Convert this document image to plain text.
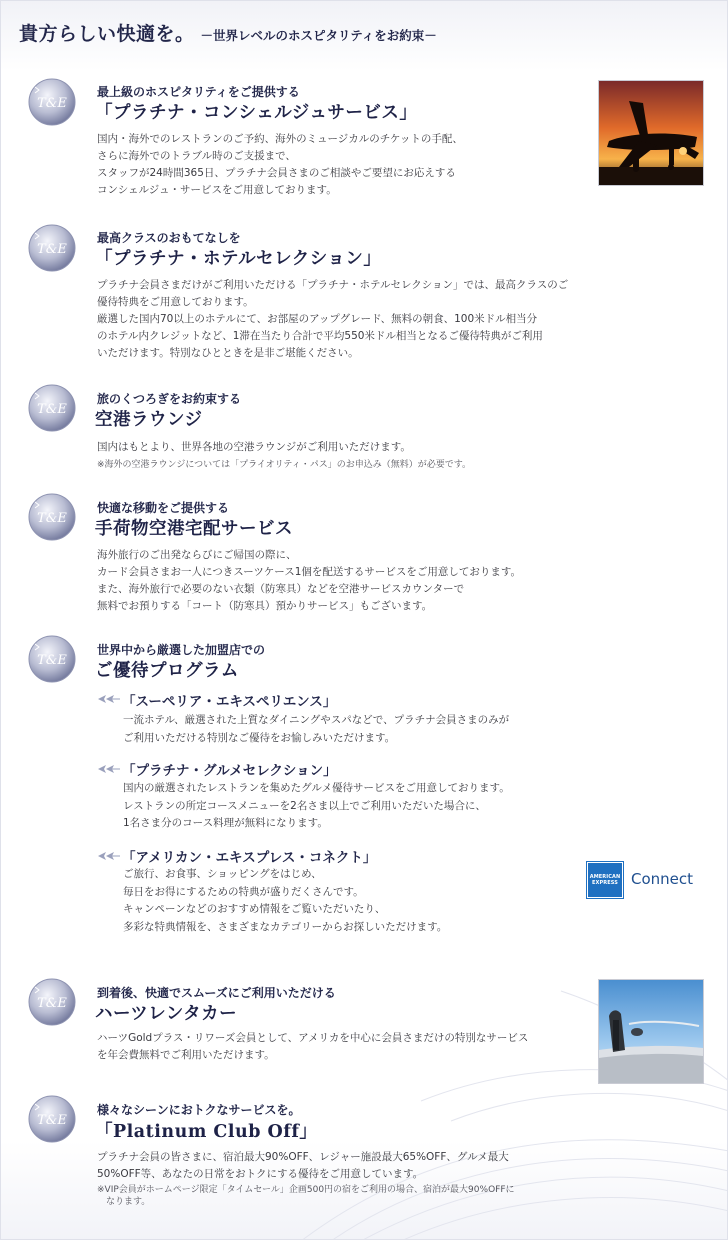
貴方らしい快適を。 －世界レベルのホスピタリティをお約束－
T&E
最上級のホスピタリティをご提供する
「プラチナ・コンシェルジュサービス」

国内・海外でのレストランのご予約、海外のミュージカルのチケットの手配、

さらに海外でのトラブル時のご支援まで、

スタッフが24時間365日、プラチナ会員さまのご相談やご要望にお応えする

コンシェルジュ・サービスをご用意しております。

T&E
最高クラスのおもてなしを
「プラチナ・ホテルセレクション」

プラチナ会員さまだけがご利用いただける「プラチナ・ホテルセレクション」では、最高クラスのご

優待特典をご用意しております。

厳選した国内70以上のホテルにて、お部屋のアップグレード、無料の朝食、100米ドル相当分

のホテル内クレジットなど、1滞在当たり合計で平均550米ドル相当となるご優待特典がご利用

いただけます。特別なひとときを是非ご堪能ください。

T&E
旅のくつろぎをお約束する
空港ラウンジ

国内はもとより、世界各地の空港ラウンジがご利用いただけます。

※海外の空港ラウンジについては「プライオリティ・パス」のお申込み（無料）が必要です。

T&E
快適な移動をご提供する
手荷物空港宅配サービス

海外旅行のご出発ならびにご帰国の際に、

カード会員さまお一人につきスーツケース1個を配送するサービスをご用意しております。

また、海外旅行で必要のない衣類（防寒具）などを空港サービスカウンターで

無料でお預りする「コート（防寒具）預かりサービス」もございます。

T&E
世界中から厳選した加盟店での
ご優待プログラム
「スーペリア・エキスペリエンス」

一流ホテル、厳選された上質なダイニングやスパなどで、プラチナ会員さまのみが

ご利用いただける特別なご優待をお愉しみいただけます。

「プラチナ・グルメセレクション」

国内の厳選されたレストランを集めたグルメ優待サービスをご用意しております。

レストランの所定コースメニューを2名さま以上でご利用いただいた場合に、

1名さま分のコース料理が無料になります。

「アメリカン・エキスプレス・コネクト」

ご旅行、お食事、ショッピングをはじめ、

毎日をお得にするための特典が盛りだくさんです。

キャンペーンなどのおすすめ情報をご覧いただいたり、

多彩な特典情報を、さまざまなカテゴリーからお探しいただけます。

AMERICAN
EXPRESS Connect
T&E
到着後、快適でスムーズにご利用いただける
ハーツレンタカー

ハーツGoldプラス・リワーズ会員として、アメリカを中心に会員さまだけの特別なサービス

を年会費無料でご利用いただけます。

T&E
様々なシーンにおトクなサービスを。
「Platinum Club Off」

プラチナ会員の皆さまに、宿泊最大90%OFF、レジャー施設最大65%OFF、グルメ最大

50%OFF等、あなたの日常をおトクにする優待をご用意しています。

※VIP会員がホームページ限定「タイムセール」企画500円の宿をご利用の場合、宿泊が最大90%OFFに

　なります。
